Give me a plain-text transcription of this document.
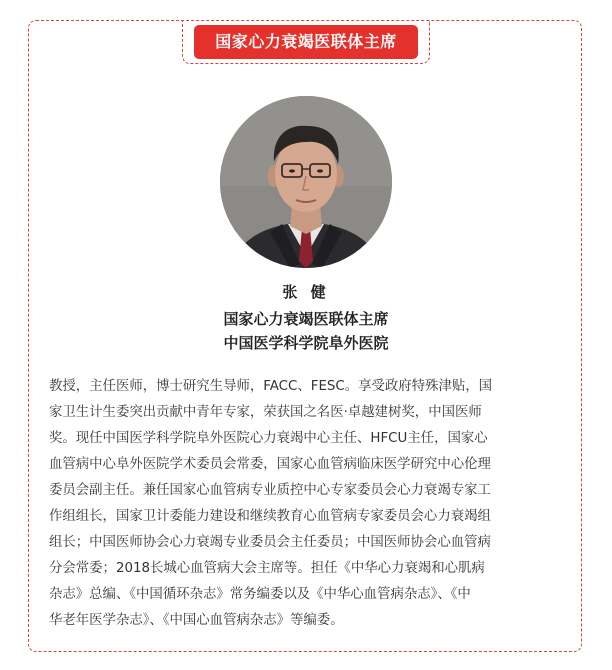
国家心力衰竭医联体主席
张 健
国家心力衰竭医联体主席
中国医学科学院阜外医院
教授，主任医师，博士研究生导师，FACC、FESC。享受政府特殊津贴，国
家卫生计生委突出贡献中青年专家，荣获国之名医·卓越建树奖，中国医师
奖。现任中国医学科学院阜外医院心力衰竭中心主任、HFCU主任，国家心
血管病中心阜外医院学术委员会常委，国家心血管病临床医学研究中心伦理
委员会副主任。兼任国家心血管病专业质控中心专家委员会心力衰竭专家工
作组组长，国家卫计委能力建设和继续教育心血管病专家委员会心力衰竭组
组长；中国医师协会心力衰竭专业委员会主任委员；中国医师协会心血管病
分会常委；2018长城心血管病大会主席等。担任《中华心力衰竭和心肌病
杂志》总编、《中国循环杂志》常务编委以及《中华心血管病杂志》、《中
华老年医学杂志》、《中国心血管病杂志》等编委。
